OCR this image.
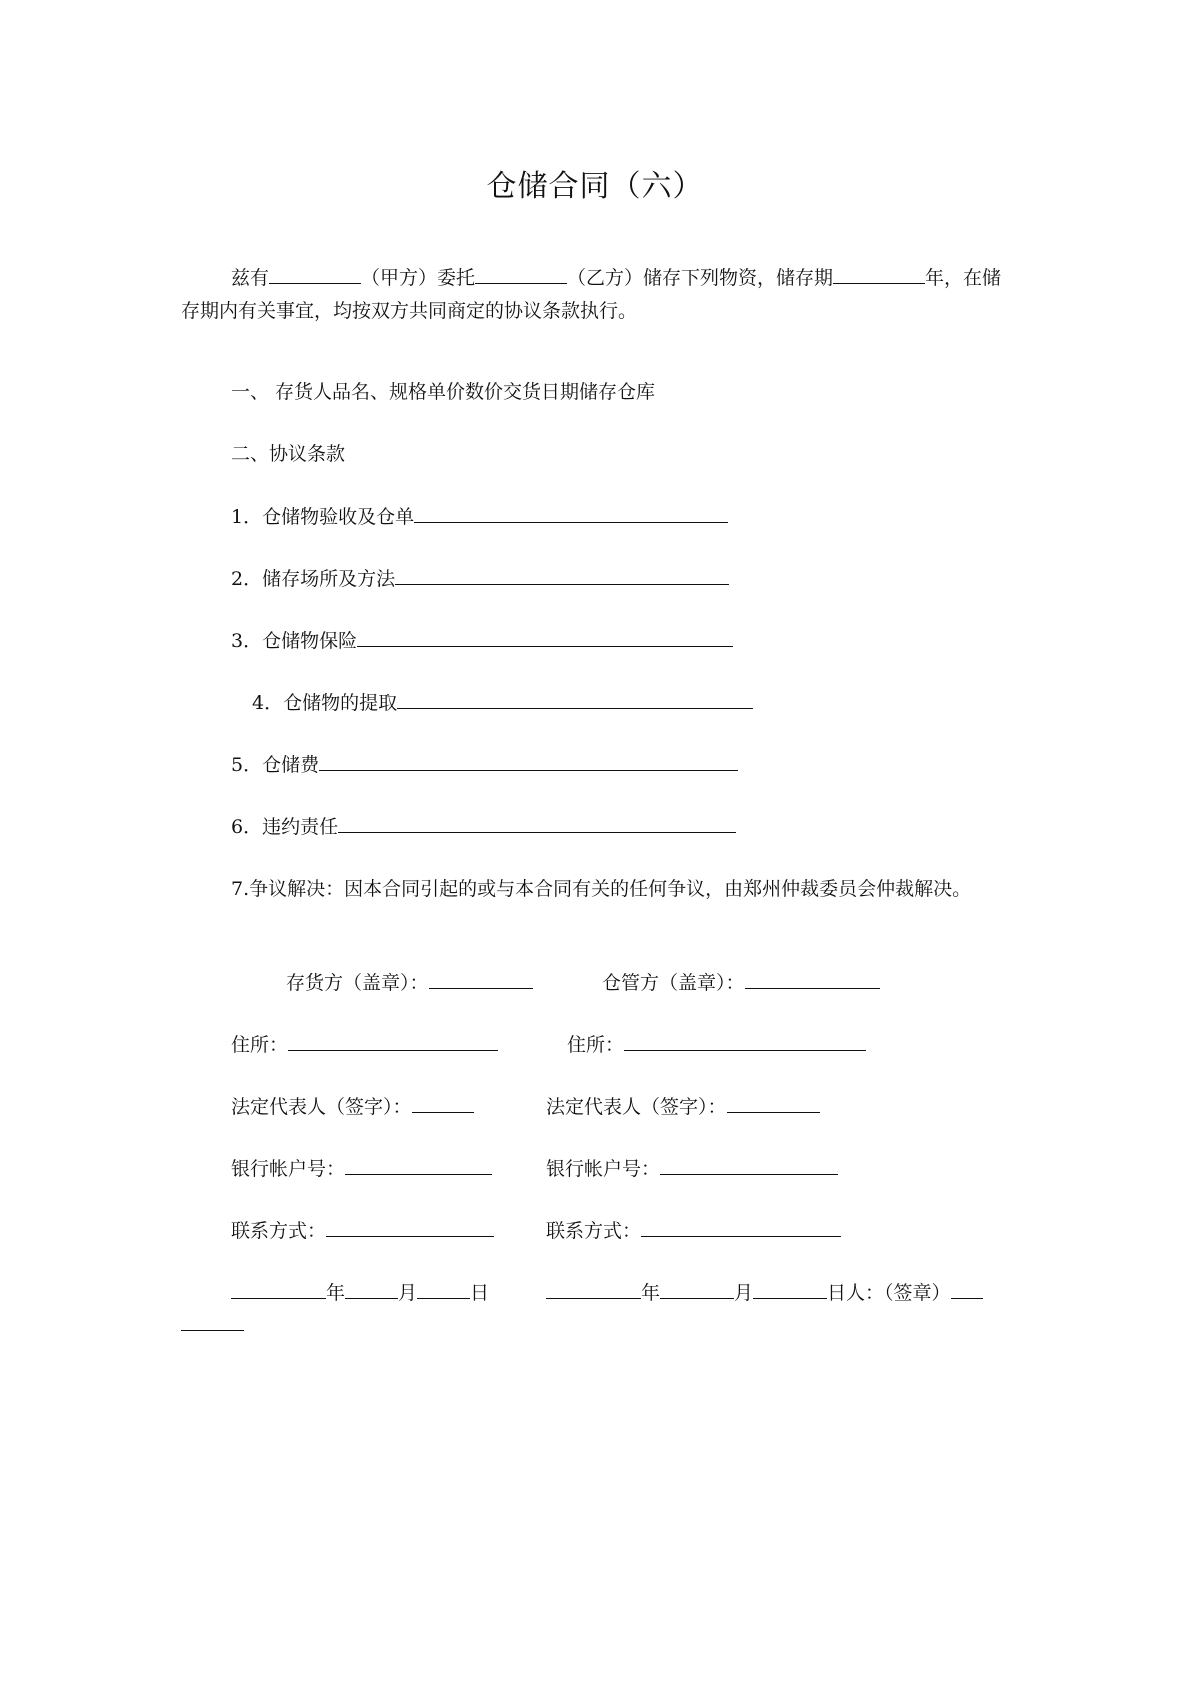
仓储合同（六）
兹有	（甲方）委托	（乙方）储存下列物资，储存期	年，在储存期内有关事宜，均按双方共同商定的协议条款执行。
一、 存货人品名、规格单价数价交货日期储存仓库
二、协议条款
1．仓储物验收及仓单
2．储存场所及方法
3．仓储物保险
4．仓储物的提取
5．仓储费
6．违约责任
7.争议解决：因本合同引起的或与本合同有关的任何争议，由郑州仲裁委员会仲裁解决。
存货方（盖章）：	仓管方（盖章）：
住所：	住所：
法定代表人（签字）：	法定代表人（签字）：
银行帐户号：	银行帐户号：
联系方式：	联系方式：
年	月	日	年	月	日人：（签章）
